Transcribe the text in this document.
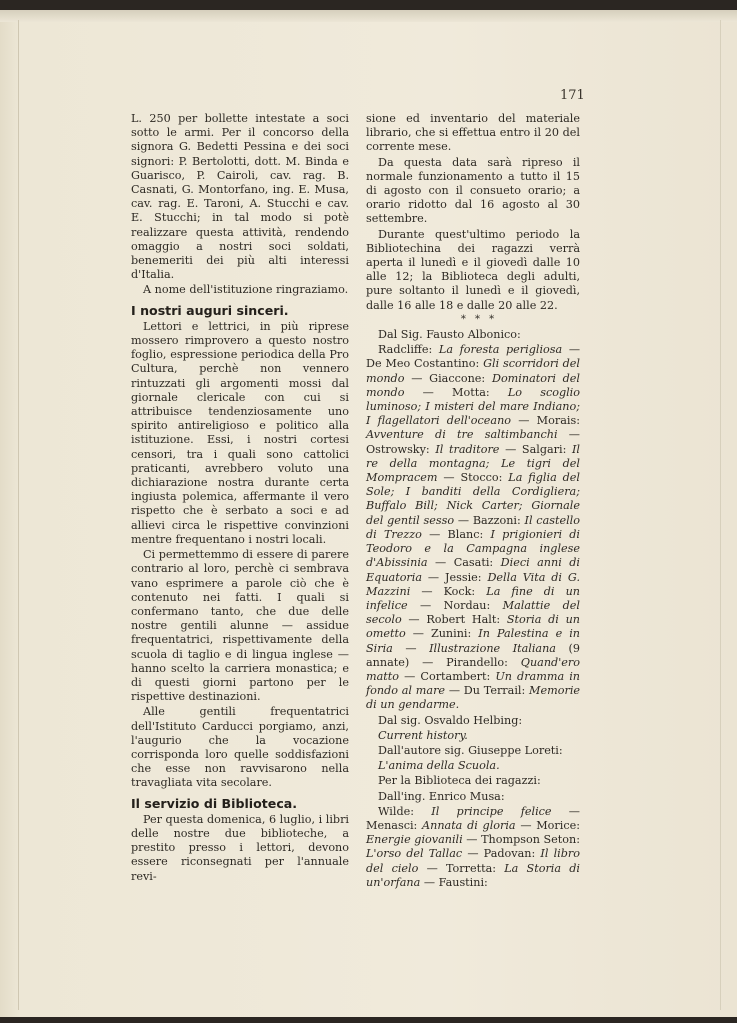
171

L. 250 per bollette intestate a soci sotto le armi. Per il concorso della signora G. Bedetti Pessina e dei soci signori: P. Bertolotti, dott. M. Binda e Guarisco, P. Cairoli, cav. rag. B. Casnati, G. Montorfano, ing. E. Musa, cav. rag. E. Taroni, A. Stucchi e cav. E. Stucchi; in tal modo si potè realizzare questa attività, rendendo omaggio a nostri soci soldati, benemeriti dei più alti interessi d'Italia.

A nome dell'istituzione ringraziamo.

I nostri auguri sinceri.

Lettori e lettrici, in più riprese mossero rimprovero a questo nostro foglio, espressione periodica della Pro Cultura, perchè non vennero rintuzzati gli argomenti mossi dal giornale clericale con cui si attribuisce tendenziosamente uno spirito antireligioso e politico alla istituzione. Essi, i nostri cortesi censori, tra i quali sono cattolici praticanti, avrebbero voluto una dichiarazione nostra durante certa ingiusta polemica, affermante il vero rispetto che è serbato a soci e ad allievi circa le rispettive convinzioni mentre frequentano i nostri locali.

Ci permettemmo di essere di parere contrario al loro, perchè ci sembrava vano esprimere a parole ciò che è contenuto nei fatti. I quali si confermano tanto, che due delle nostre gentili alunne — assidue frequentatrici, rispettivamente della scuola di taglio e di lingua inglese — hanno scelto la carriera monastica; e di questi giorni partono per le rispettive destinazioni.

Alle gentili frequentatrici dell'Istituto Carducci porgiamo, anzi, l'augurio che la vocazione corrisponda loro quelle soddisfazioni che esse non ravvisarono nella travagliata vita secolare.

Il servizio di Biblioteca.

Per questa domenica, 6 luglio, i libri delle nostre due biblioteche, a prestito presso i lettori, devono essere riconsegnati per l'annuale revi-

sione ed inventario del materiale librario, che si effettua entro il 20 del corrente mese.

Da questa data sarà ripreso il normale funzionamento a tutto il 15 di agosto con il consueto orario; a orario ridotto dal 16 agosto al 30 settembre.

Durante quest'ultimo periodo la Bibliotechina dei ragazzi verrà aperta il lunedì e il giovedì dalle 10 alle 12; la Biblioteca degli adulti, pure soltanto il lunedì e il giovedì, dalle 16 alle 18 e dalle 20 alle 22.

* * *

Dal Sig. Fausto Albonico:

Radcliffe: La foresta perigliosa — De Meo Costantino: Gli scorridori del mondo — Giaccone: Dominatori del mondo — Motta: Lo scoglio luminoso; I misteri del mare Indiano; I flagellatori dell'oceano — Morais: Avventure di tre saltimbanchi — Ostrowsky: Il traditore — Salgari: Il re della montagna; Le tigri del Mompracem — Stocco: La figlia del Sole; I banditi della Cordigliera; Buffalo Bill; Nick Carter; Giornale del gentil sesso — Bazzoni: Il castello di Trezzo — Blanc: I prigionieri di Teodoro e la Campagna inglese d'Abissinia — Casati: Dieci anni di Equatoria — Jessie: Della Vita di G. Mazzini — Kock: La fine di un infelice — Nordau: Malattie del secolo — Robert Halt: Storia di un ometto — Zunini: In Palestina e in Siria — Illustrazione Italiana (9 annate) — Pirandello: Quand'ero matto — Cortambert: Un dramma in fondo al mare — Du Terrail: Memorie di un gendarme.

Dal sig. Osvaldo Helbing:

Current history.

Dall'autore sig. Giuseppe Loreti:

L'anima della Scuola.

Per la Biblioteca dei ragazzi:

Dall'ing. Enrico Musa:

Wilde: Il principe felice — Menasci: Annata di gloria — Morice: Energie giovanili — Thompson Seton: L'orso del Tallac — Padovan: Il libro del cielo — Torretta: La Storia di un'orfana — Faustini:
